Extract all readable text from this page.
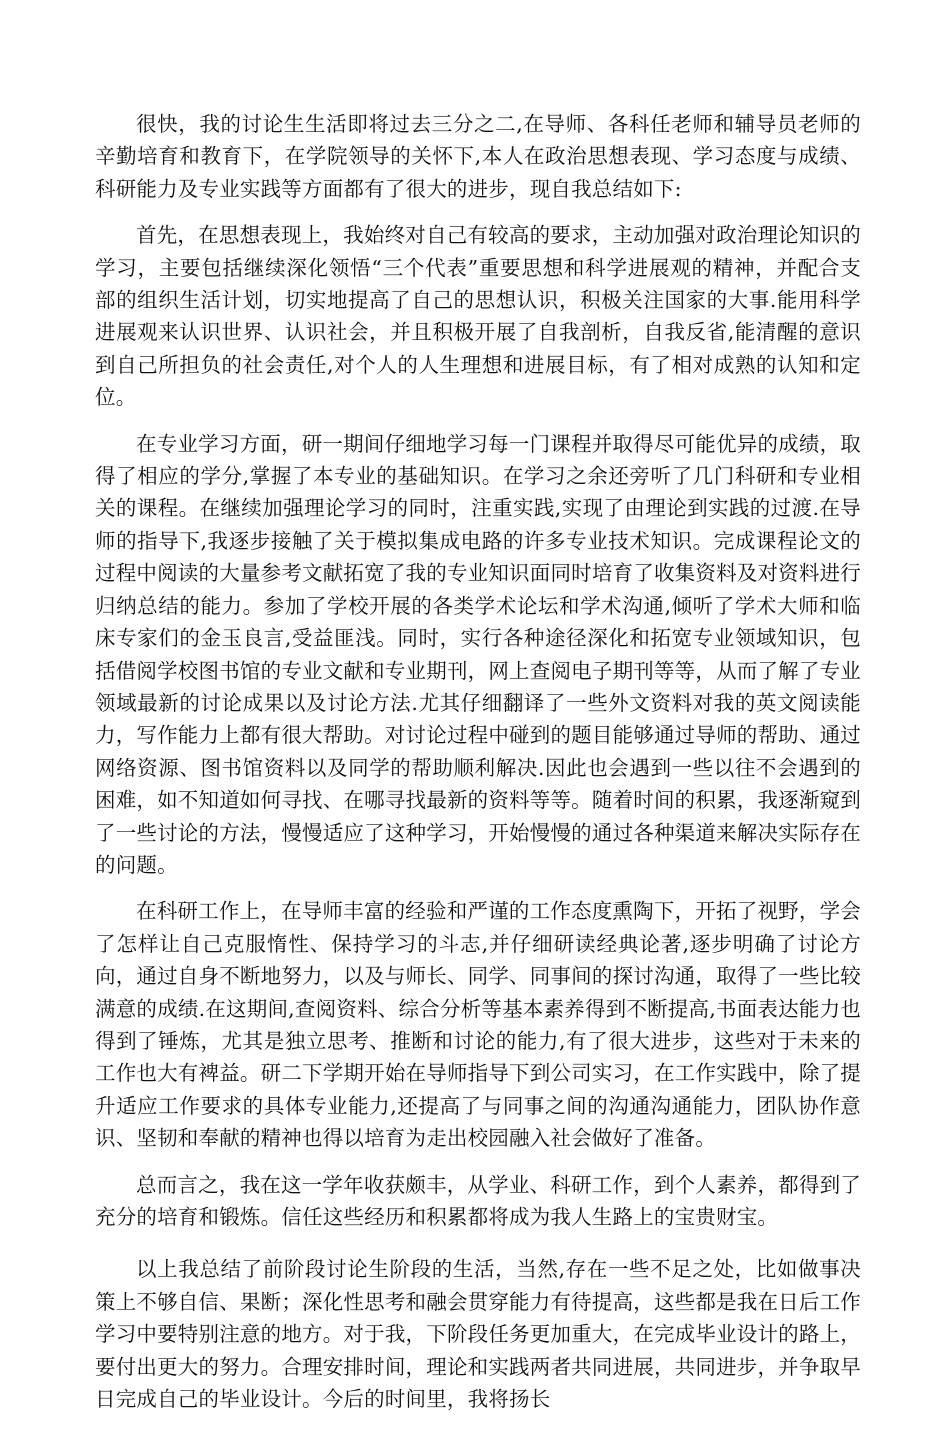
很快，我的讨论生生活即将过去三分之二,在导师、各科任老师和辅导员老师的辛勤培育和教育下，在学院领导的关怀下,本人在政治思想表现、学习态度与成绩、科研能力及专业实践等方面都有了很大的进步，现自我总结如下:

首先，在思想表现上，我始终对自己有较高的要求，主动加强对政治理论知识的学习，主要包括继续深化领悟“三个代表”重要思想和科学进展观的精神，并配合支部的组织生活计划，切实地提高了自己的思想认识，积极关注国家的大事.能用科学进展观来认识世界、认识社会，并且积极开展了自我剖析，自我反省,能清醒的意识到自己所担负的社会责任,对个人的人生理想和进展目标，有了相对成熟的认知和定位。

在专业学习方面，研一期间仔细地学习每一门课程并取得尽可能优异的成绩，取得了相应的学分,掌握了本专业的基础知识。在学习之余还旁听了几门科研和专业相关的课程。在继续加强理论学习的同时，注重实践,实现了由理论到实践的过渡.在导师的指导下,我逐步接触了关于模拟集成电路的许多专业技术知识。完成课程论文的过程中阅读的大量参考文献拓宽了我的专业知识面同时培育了收集资料及对资料进行归纳总结的能力。参加了学校开展的各类学术论坛和学术沟通,倾听了学术大师和临床专家们的金玉良言,受益匪浅。同时，实行各种途径深化和拓宽专业领域知识，包括借阅学校图书馆的专业文献和专业期刊，网上查阅电子期刊等等，从而了解了专业领域最新的讨论成果以及讨论方法.尤其仔细翻译了一些外文资料对我的英文阅读能力，写作能力上都有很大帮助。对讨论过程中碰到的题目能够通过导师的帮助、通过网络资源、图书馆资料以及同学的帮助顺利解决.因此也会遇到一些以往不会遇到的困难，如不知道如何寻找、在哪寻找最新的资料等等。随着时间的积累，我逐渐窥到了一些讨论的方法，慢慢适应了这种学习，开始慢慢的通过各种渠道来解决实际存在的问题。

在科研工作上，在导师丰富的经验和严谨的工作态度熏陶下，开拓了视野，学会了怎样让自己克服惰性、保持学习的斗志,并仔细研读经典论著,逐步明确了讨论方向，通过自身不断地努力，以及与师长、同学、同事间的探讨沟通，取得了一些比较满意的成绩.在这期间,查阅资料、综合分析等基本素养得到不断提高,书面表达能力也得到了锤炼，尤其是独立思考、推断和讨论的能力,有了很大进步，这些对于未来的工作也大有裨益。研二下学期开始在导师指导下到公司实习，在工作实践中，除了提升适应工作要求的具体专业能力,还提高了与同事之间的沟通沟通能力，团队协作意识、坚韧和奉献的精神也得以培育为走出校园融入社会做好了准备。

总而言之，我在这一学年收获颇丰，从学业、科研工作，到个人素养，都得到了充分的培育和锻炼。信任这些经历和积累都将成为我人生路上的宝贵财宝。

以上我总结了前阶段讨论生阶段的生活，当然,存在一些不足之处，比如做事决策上不够自信、果断；深化性思考和融会贯穿能力有待提高，这些都是我在日后工作学习中要特别注意的地方。对于我，下阶段任务更加重大，在完成毕业设计的路上，要付出更大的努力。合理安排时间，理论和实践两者共同进展，共同进步，并争取早日完成自己的毕业设计。今后的时间里，我将扬长
